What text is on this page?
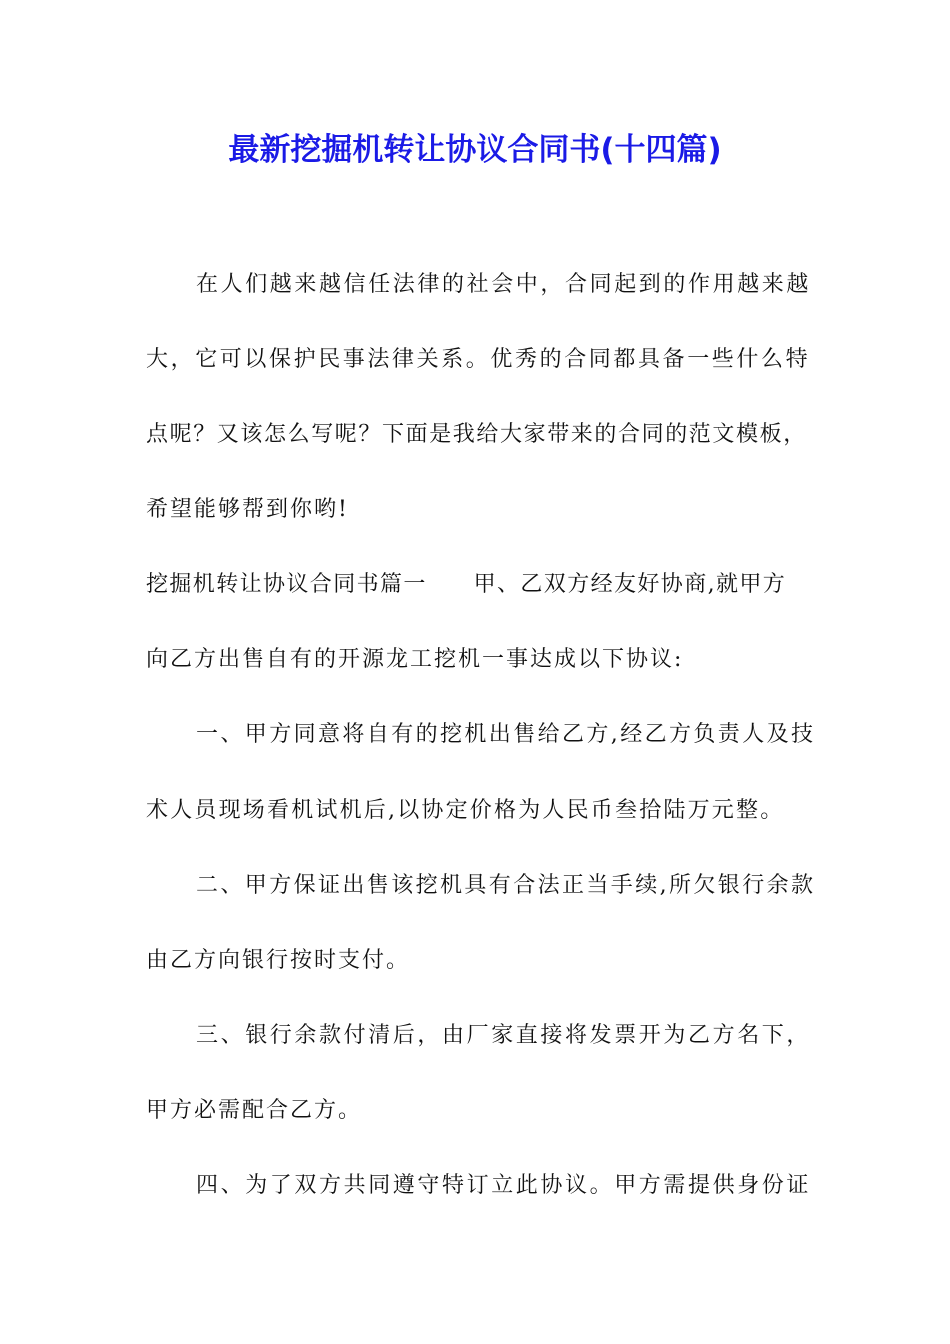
最新挖掘机转让协议合同书(十四篇)

在人们越来越信任法律的社会中，合同起到的作用越来越

大，它可以保护民事法律关系。优秀的合同都具备一些什么特

点呢？又该怎么写呢？下面是我给大家带来的合同的范文模板，

希望能够帮到你哟!

挖掘机转让协议合同书篇一　　甲、乙双方经友好协商,就甲方

向乙方出售自有的开源龙工挖机一事达成以下协议:

一、甲方同意将自有的挖机出售给乙方,经乙方负责人及技

术人员现场看机试机后,以协定价格为人民币叁拾陆万元整。

二、甲方保证出售该挖机具有合法正当手续,所欠银行余款

由乙方向银行按时支付。

三、银行余款付清后，由厂家直接将发票开为乙方名下，

甲方必需配合乙方。

四、为了双方共同遵守特订立此协议。甲方需提供身份证
